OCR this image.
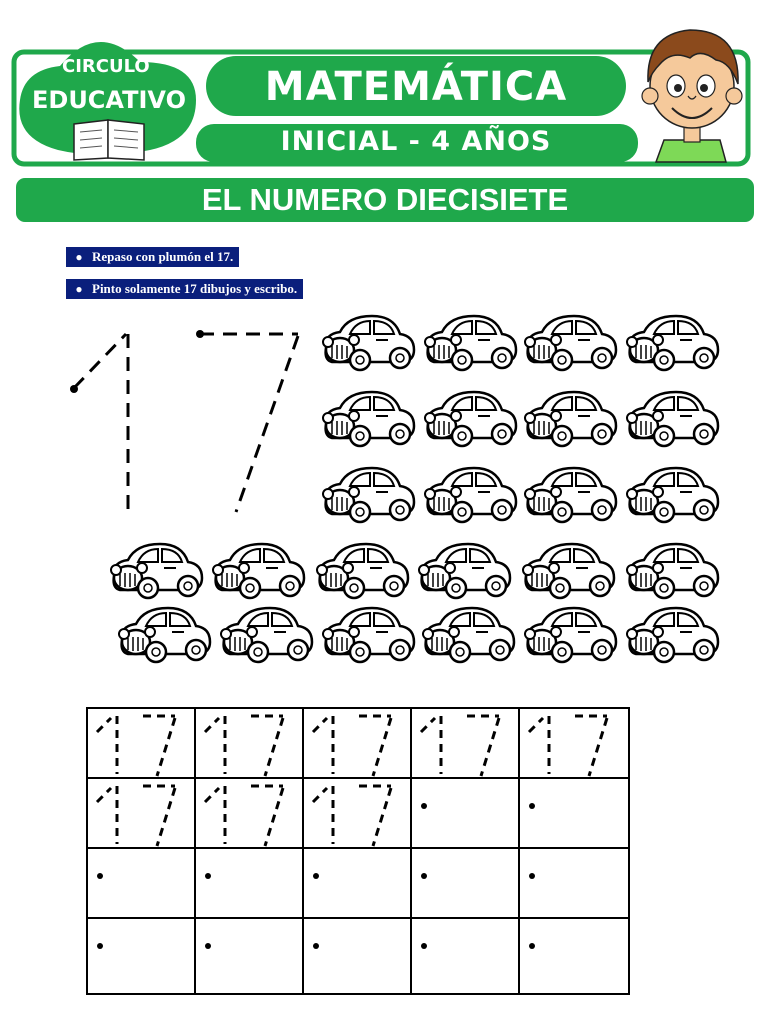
CIRCULO
EDUCATIVO	MATEMÁTICA
INICIAL - 4 AÑOS
EL NUMERO DIECISIETE
● Repaso con plumón el 17.
● Pinto solamente 17 dibujos y escribo.
